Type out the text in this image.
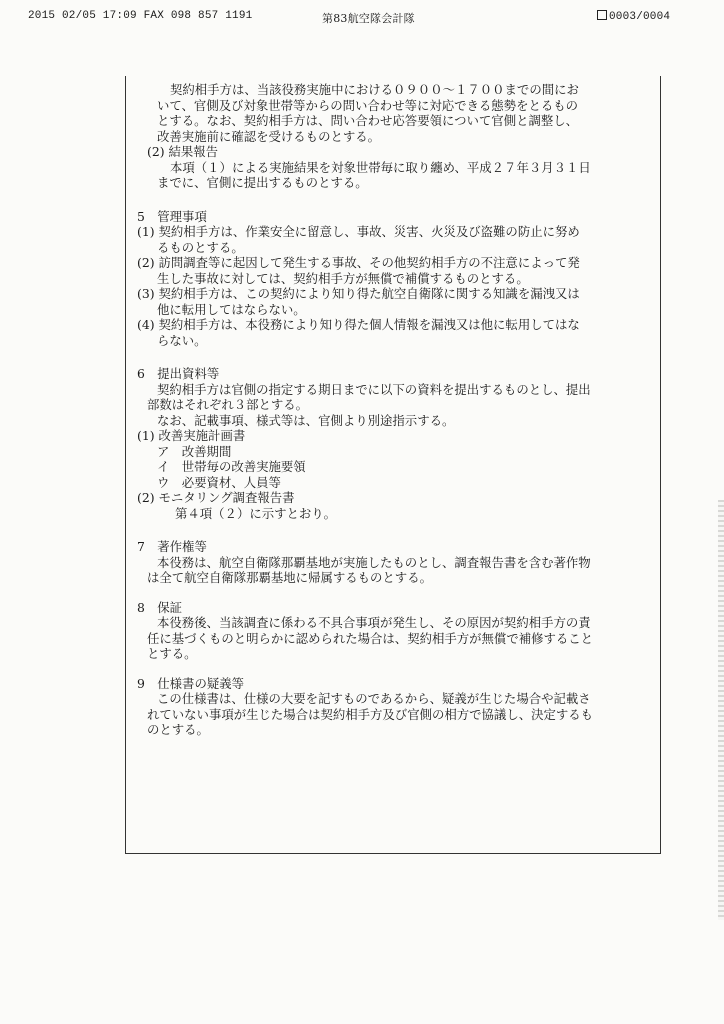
2015 02/05 17:09 FAX 098 857 1191	第83航空隊会計隊	0003/0004

契約相手方は、当該役務実施中における０９００～１７００までの間にお

いて、官側及び対象世帯等からの問い合わせ等に対応できる態勢をとるもの

とする。なお、契約相手方は、問い合わせ応答要領について官側と調整し、

改善実施前に確認を受けるものとする。

(2) 結果報告

本項（１）による実施結果を対象世帯毎に取り纏め、平成２７年３月３１日

までに、官側に提出するものとする。

5　管理事項

(1) 契約相手方は、作業安全に留意し、事故、災害、火災及び盗難の防止に努め

るものとする。

(2) 訪問調査等に起因して発生する事故、その他契約相手方の不注意によって発

生した事故に対しては、契約相手方が無償で補償するものとする。

(3) 契約相手方は、この契約により知り得た航空自衛隊に関する知識を漏洩又は

他に転用してはならない。

(4) 契約相手方は、本役務により知り得た個人情報を漏洩又は他に転用してはな

らない。

6　提出資料等

契約相手方は官側の指定する期日までに以下の資料を提出するものとし、提出

部数はそれぞれ３部とする。

なお、記載事項、様式等は、官側より別途指示する。

(1) 改善実施計画書

ア　改善期間

イ　世帯毎の改善実施要領

ウ　必要資材、人員等

(2) モニタリング調査報告書

第４項（２）に示すとおり。

7　著作権等

本役務は、航空自衛隊那覇基地が実施したものとし、調査報告書を含む著作物

は全て航空自衛隊那覇基地に帰属するものとする。

8　保証

本役務後、当該調査に係わる不具合事項が発生し、その原因が契約相手方の責

任に基づくものと明らかに認められた場合は、契約相手方が無償で補修すること

とする。

9　仕様書の疑義等

この仕様書は、仕様の大要を記すものであるから、疑義が生じた場合や記載さ

れていない事項が生じた場合は契約相手方及び官側の相方で協議し、決定するも

のとする。
